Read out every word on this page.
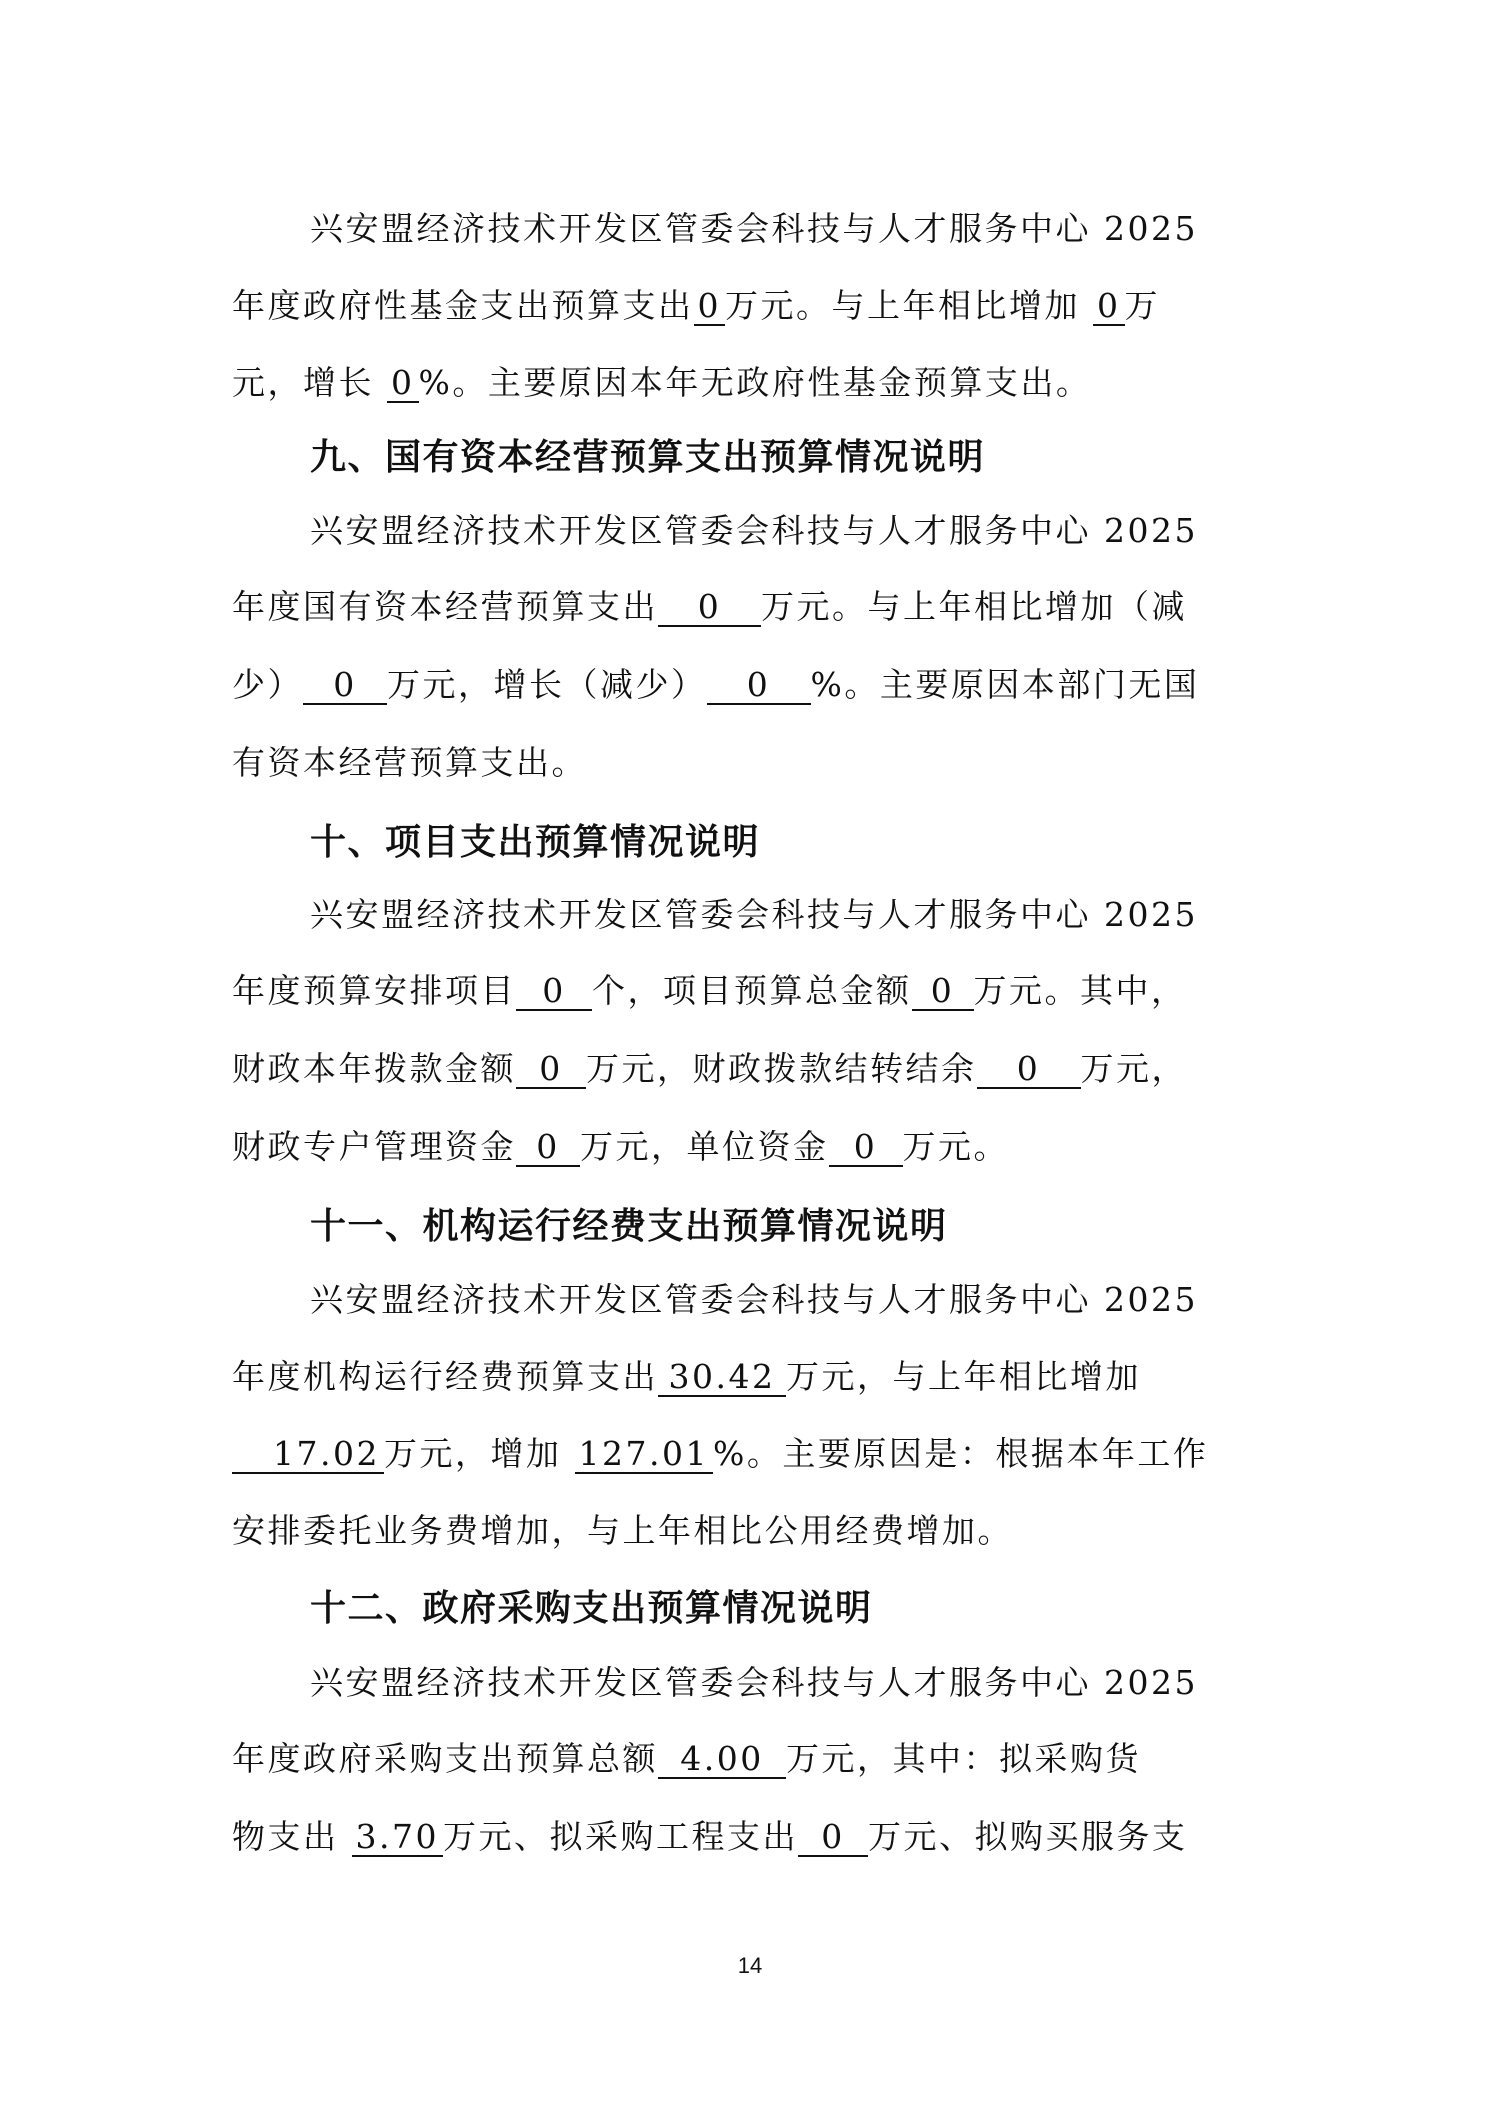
兴安盟经济技术开发区管委会科技与人才服务中心 2025
年度政府性基金支出预算支出 0 万元。与上年相比增加 0 万
元，增长 0 %。主要原因本年无政府性基金预算支出。
九、国有资本经营预算支出预算情况说明
兴安盟经济技术开发区管委会科技与人才服务中心 2025
年度国有资本经营预算支出 0 万元。与上年相比增加（减
少） 0 万元，增长（减少） 0 %。主要原因本部门无国
有资本经营预算支出。
十、项目支出预算情况说明
兴安盟经济技术开发区管委会科技与人才服务中心 2025
年度预算安排项目 0 个，项目预算总金额 0 万元。其中，
财政本年拨款金额 0 万元，财政拨款结转结余 0 万元，
财政专户管理资金 0 万元，单位资金 0 万元。
十一、机构运行经费支出预算情况说明
兴安盟经济技术开发区管委会科技与人才服务中心 2025
年度机构运行经费预算支出 30.42 万元，与上年相比增加
17.02 万元，增加 127.01 %。主要原因是：根据本年工作
安排委托业务费增加，与上年相比公用经费增加。
十二、政府采购支出预算情况说明
兴安盟经济技术开发区管委会科技与人才服务中心 2025
年度政府采购支出预算总额 4.00 万元，其中：拟采购货
物支出 3.70 万元、拟采购工程支出 0 万元、拟购买服务支
14
